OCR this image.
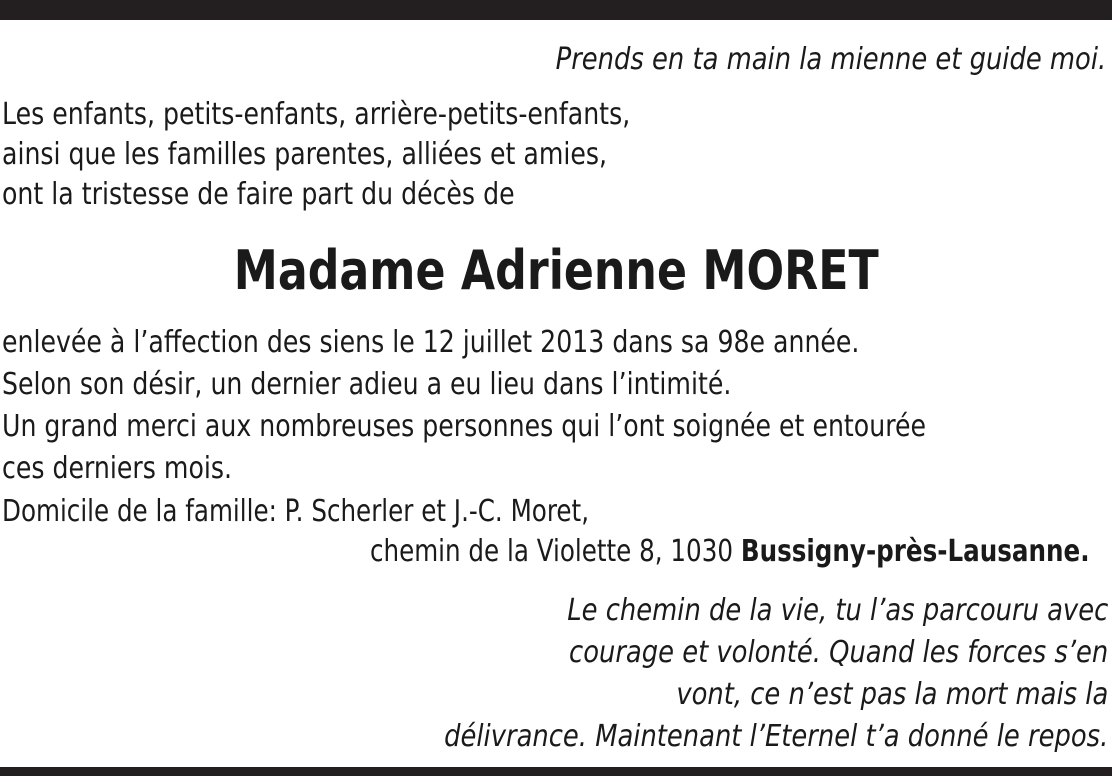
Prends en ta main la mienne et guide moi.
Les enfants, petits-enfants, arrière-petits-enfants,
ainsi que les familles parentes, alliées et amies,
ont la tristesse de faire part du décès de
Madame Adrienne MORET
enlevée à l’affection des siens le 12 juillet 2013 dans sa 98e année.
Selon son désir, un dernier adieu a eu lieu dans l’intimité.
Un grand merci aux nombreuses personnes qui l’ont soignée et entourée
ces derniers mois.
Domicile de la famille: P. Scherler et J.-C. Moret,
chemin de la Violette 8, 1030 Bussigny-près-Lausanne.
Le chemin de la vie, tu l’as parcouru avec
courage et volonté. Quand les forces s’en
vont, ce n’est pas la mort mais la
délivrance. Maintenant l’Eternel t’a donné le repos.
